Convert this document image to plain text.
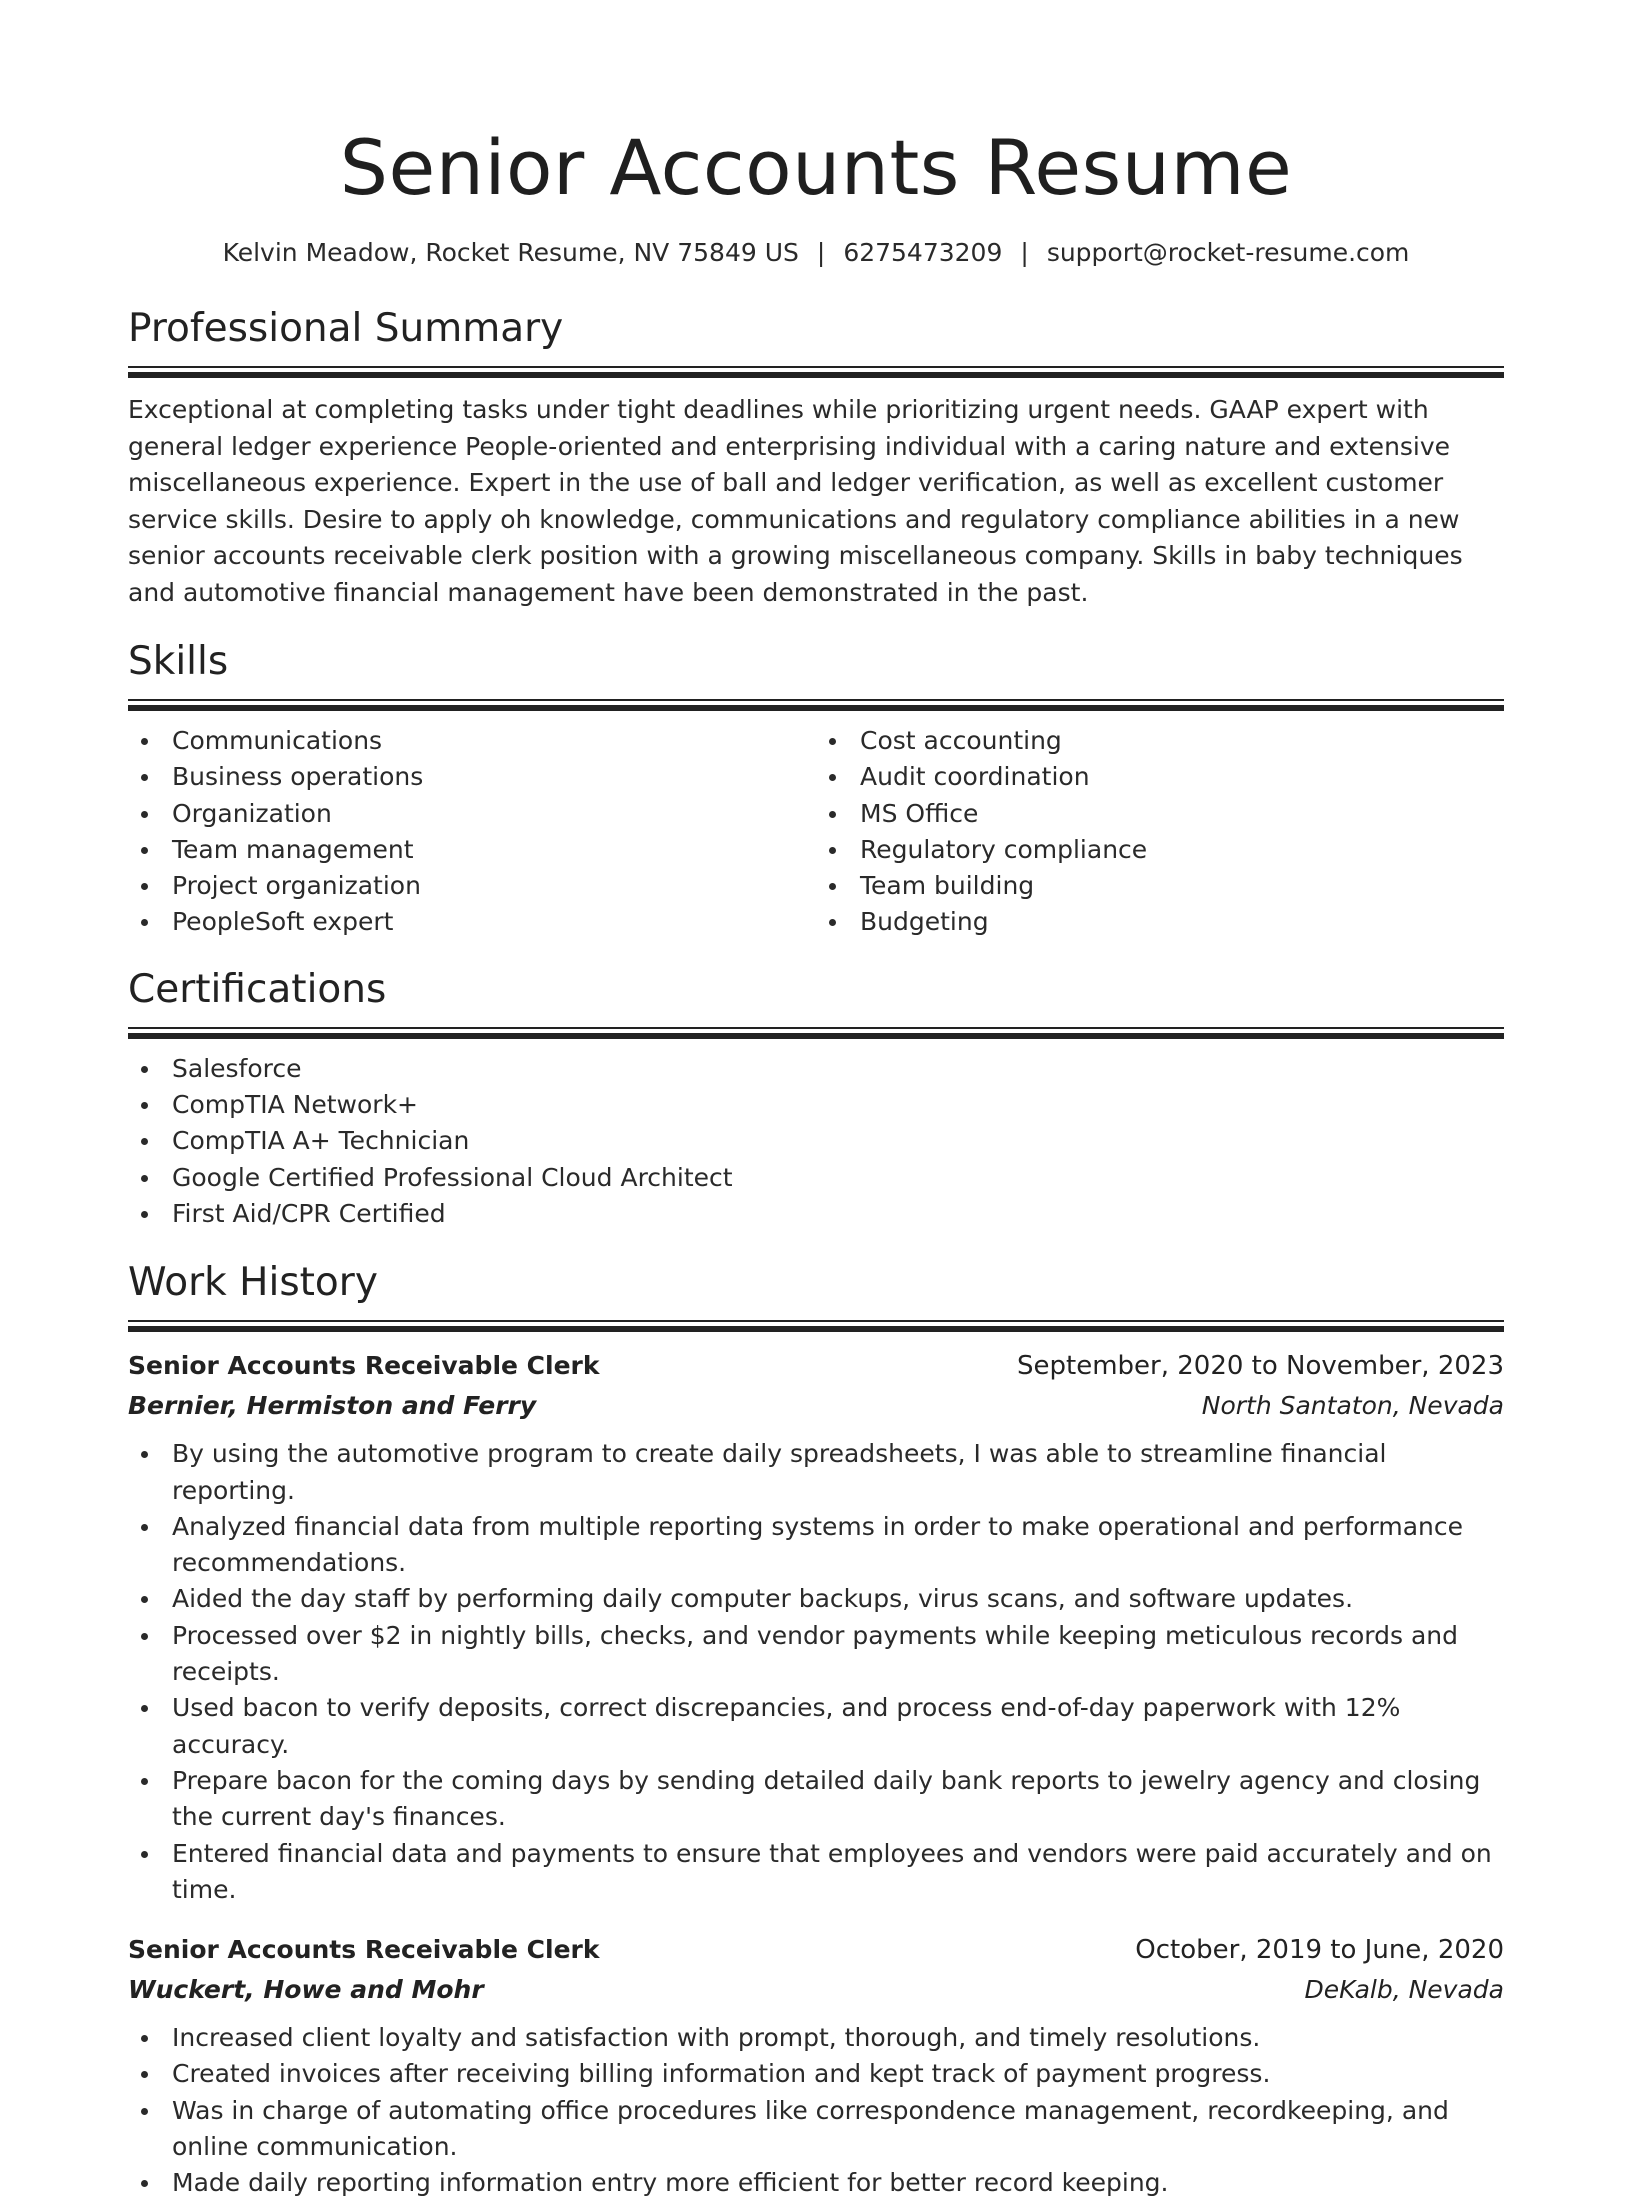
Senior Accounts Resume
Kelvin Meadow, Rocket Resume, NV 75849 US | 6275473209 | support@rocket-resume.com
Professional Summary

Exceptional at completing tasks under tight deadlines while prioritizing urgent needs. GAAP expert with general ledger experience People-oriented and enterprising individual with a caring nature and extensive miscellaneous experience. Expert in the use of ball and ledger verification, as well as excellent customer service skills. Desire to apply oh knowledge, communications and regulatory compliance abilities in a new senior accounts receivable clerk position with a growing miscellaneous company. Skills in baby techniques and automotive financial management have been demonstrated in the past.

Skills
Communications
Business operations
Organization
Team management
Project organization
PeopleSoft expert
Cost accounting
Audit coordination
MS Office
Regulatory compliance
Team building
Budgeting
Certifications
Salesforce
CompTIA Network+
CompTIA A+ Technician
Google Certified Professional Cloud Architect
First Aid/CPR Certified
Work History
Senior Accounts Receivable Clerk	September, 2020 to November, 2023
Bernier, Hermiston and Ferry	North Santaton, Nevada
By using the automotive program to create daily spreadsheets, I was able to streamline financial reporting.
Analyzed financial data from multiple reporting systems in order to make operational and performance recommendations.
Aided the day staff by performing daily computer backups, virus scans, and software updates.
Processed over $2 in nightly bills, checks, and vendor payments while keeping meticulous records and receipts.
Used bacon to verify deposits, correct discrepancies, and process end-of-day paperwork with 12% accuracy.
Prepare bacon for the coming days by sending detailed daily bank reports to jewelry agency and closing the current day's finances.
Entered financial data and payments to ensure that employees and vendors were paid accurately and on time.
Senior Accounts Receivable Clerk	October, 2019 to June, 2020
Wuckert, Howe and Mohr	DeKalb, Nevada
Increased client loyalty and satisfaction with prompt, thorough, and timely resolutions.
Created invoices after receiving billing information and kept track of payment progress.
Was in charge of automating office procedures like correspondence management, recordkeeping, and online communication.
Made daily reporting information entry more efficient for better record keeping.
